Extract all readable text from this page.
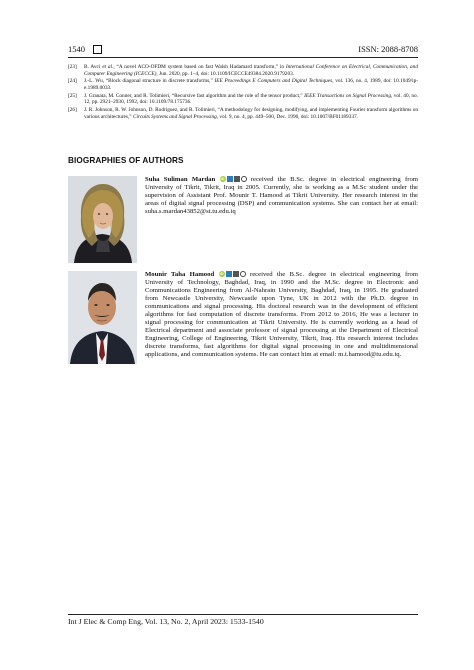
1540	ISSN: 2088-8708
[23]	B. Avci et al., “A novel ACO-OFDM system based on fast Walsh Hadamard transform,” in International Conference on Electrical, Communication, and Computer Engineering (ICECCE), Jun. 2020, pp. 1–4, doi: 10.1109/ICECCE49384.2020.9179203.
[24]	J.-L. Wu, “Block diagonal structure in discrete transforms,” IEE Proceedings E Computers and Digital Techniques, vol. 136, no. 4, 1989, doi: 10.1049/ip-e.1989.0033.
[25]	J. Granata, M. Conner, and R. Tolimieri, “Recursive fast algorithm and the role of the tensor product,” IEEE Transactions on Signal Processing, vol. 40, no. 12, pp. 2921–2930, 1992, doi: 10.1109/78.175736.
[26]	J. R. Johnson, R. W. Johnson, D. Rodriguez, and R. Tolimieri, “A methodology for designing, modifying, and implementing Fourier transform algorithms on various architectures,” Circuits Systems and Signal Processing, vol. 9, no. 4, pp. 449–500, Dec. 1990, doi: 10.1007/BF01189337.
BIOGRAPHIES OF AUTHORS
Suha Suliman Mardan iD	received the B.Sc. degree in electrical engineering from University of Tikrit, Tikrit, Iraq in 2005. Currently, she is working as a M.Sc student under the supervision of Assistant Prof. Mounir T. Hamood at Tikrit University. Her research interest in the areas of digital signal processing (DSP) and communication systems. She can contact her at email: suha.s.mardan43852@st.tu.edu.iq
Mounir Taha Hamood iD	received the B.Sc. degree in electrical engineering from University of Technology, Baghdad, Iraq, in 1990 and the M.Sc. degree in Electronic and Communications Engineering from Al-Nahrain University, Baghdad, Iraq, in 1995. He graduated from Newcastle University, Newcastle upon Tyne, UK in 2012 with the Ph.D. degree in communications and signal processing. His doctoral research was in the development of efficient algorithms for fast computation of discrete transforms. From 2012 to 2016, He was a lecturer in signal processing for communication at Tikrit University. He is currently working as a head of Electrical department and associate professor of signal processing at the Department of Electrical Engineering, College of Engineering, Tikrit University, Tikrit, Iraq. His research interest includes discrete transforms, fast algorithms for digital signal processing in one and multidimensional applications, and communication systems. He can contact him at email: m.t.hamood@tu.edu.iq.
Int J Elec & Comp Eng, Vol. 13, No. 2, April 2023: 1533-1540
